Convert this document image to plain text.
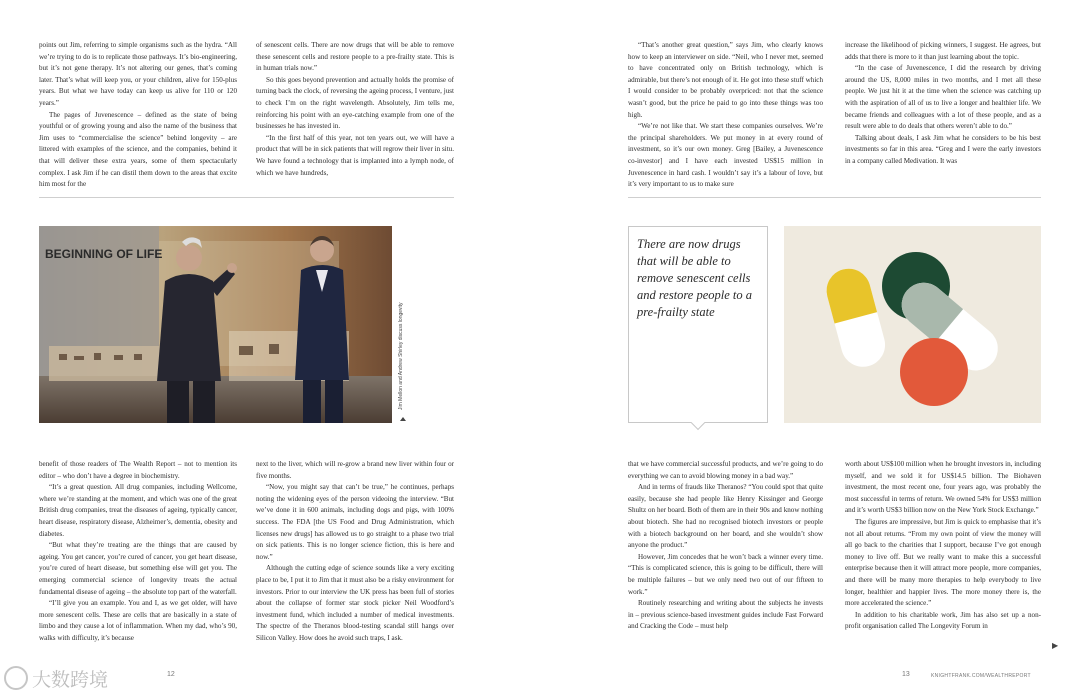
points out Jim, referring to simple organisms such as the hydra. “All we’re trying to do is to replicate those pathways. It’s bio-engineering, but it’s not gene therapy. It’s not altering our genes, that’s coming later. That’s what will keep you, or your children, alive for 150-plus years. But what we have today can keep us alive for 110 or 120 years.”

The pages of Juvenescence – defined as the state of being youthful or of growing young and also the name of the business that Jim uses to “commercialise the science” behind longevity – are littered with examples of the science, and the companies, behind it that will deliver these extra years, some of them spectacularly complex. I ask Jim if he can distil them down to the areas that excite him most for the

of senescent cells. There are now drugs that will be able to remove these senescent cells and restore people to a pre-frailty state. This is in human trials now.”

So this goes beyond prevention and actually holds the promise of turning back the clock, of reversing the ageing process, I venture, just to check I’m on the right wavelength. Absolutely, Jim tells me, reinforcing his point with an eye-catching example from one of the businesses he has invested in.

“In the first half of this year, not ten years out, we will have a product that will be in sick patients that will regrow their liver in situ. We have found a technology that is implanted into a lymph node, of which we have hundreds,

BEGINNING OF LIFE
Jim Mellon and Andrew Shirley discuss longevity

benefit of those readers of The Wealth Report – not to mention its editor – who don’t have a degree in biochemistry.

“It’s a great question. All drug companies, including Wellcome, where we’re standing at the moment, and which was one of the great British drug companies, treat the diseases of ageing, typically cancer, heart disease, respiratory disease, Alzheimer’s, dementia, obesity and diabetes.

“But what they’re treating are the things that are caused by ageing. You get cancer, you’re cured of cancer, you get heart disease, you’re cured of heart disease, but something else will get you. The emerging commercial science of longevity treats the actual fundamental disease of ageing – the absolute top part of the waterfall.

“I’ll give you an example. You and I, as we get older, will have more senescent cells. These are cells that are basically in a state of limbo and they cause a lot of inflammation. When my dad, who’s 90, walks with difficulty, it’s because

next to the liver, which will re-grow a brand new liver within four or five months.

“Now, you might say that can’t be true,” he continues, perhaps noting the widening eyes of the person videoing the interview. “But we’ve done it in 600 animals, including dogs and pigs, with 100% success. The FDA [the US Food and Drug Administration, which licenses new drugs] has allowed us to go straight to a phase two trial on sick patients. This is no longer science fiction, this is here and now.”

Although the cutting edge of science sounds like a very exciting place to be, I put it to Jim that it must also be a risky environment for investors. Prior to our interview the UK press has been full of stories about the collapse of former star stock picker Neil Woodford’s investment fund, which included a number of medical investments. The spectre of the Theranos blood-testing scandal still hangs over Silicon Valley. How does he avoid such traps, I ask.

大数跨境	12

“That’s another great question,” says Jim, who clearly knows how to keep an interviewer on side. “Neil, who I never met, seemed to have concentrated only on British technology, which is admirable, but there’s not enough of it. He got into these stuff which I would consider to be probably overpriced: not that the science wasn’t good, but the price he paid to go into these things was too high.

“We’re not like that. We start these companies ourselves. We’re the principal shareholders. We put money in at every round of investment, so it’s our own money. Greg [Bailey, a Juvenescence co-investor] and I have each invested US$15 million in Juvenescence in hard cash. I wouldn’t say it’s a labour of love, but it’s very important to us to make sure

increase the likelihood of picking winners, I suggest. He agrees, but adds that there is more to it than just learning about the topic.

“In the case of Juvenescence, I did the research by driving around the US, 8,000 miles in two months, and I met all these people. We just hit it at the time when the science was catching up with the aspiration of all of us to live a longer and healthier life. We became friends and colleagues with a lot of these people, and as a result were able to do deals that others weren’t able to do.”

Talking about deals, I ask Jim what he considers to be his best investments so far in this area. “Greg and I were the early investors in a company called Medivation. It was

There are now drugs that will be able to remove senescent cells and restore people to a pre-frailty state

that we have commercial successful products, and we’re going to do everything we can to avoid blowing money in a bad way.”

And in terms of frauds like Theranos? “You could spot that quite easily, because she had people like Henry Kissinger and George Shultz on her board. Both of them are in their 90s and know nothing about biotech. She had no recognised biotech investors or people with a biotech background on her board, and she wouldn’t show anyone the product.”

However, Jim concedes that he won’t back a winner every time. “This is complicated science, this is going to be difficult, there will be multiple failures – but we only need two out of our fifteen to work.”

Routinely researching and writing about the subjects he invests in – previous science-based investment guides include Fast Forward and Cracking the Code – must help

worth about US$100 million when he brought investors in, including myself, and we sold it for US$14.5 billion. The Biohaven investment, the most recent one, four years ago, was probably the most successful in terms of return. We owned 54% for US$3 million and it’s worth US$3 billion now on the New York Stock Exchange.”

The figures are impressive, but Jim is quick to emphasise that it’s not all about returns. “From my own point of view the money will all go back to the charities that I support, because I’ve got enough money to live off. But we really want to make this a successful enterprise because then it will attract more people, more companies, and there will be many more therapies to help everybody to live longer, healthier and happier lives. The more money there is, the more accelerated the science.”

In addition to his charitable work, Jim has also set up a non-profit organisation called The Longevity Forum in

13	KNIGHTFRANK.COM/WEALTHREPORT
▶
